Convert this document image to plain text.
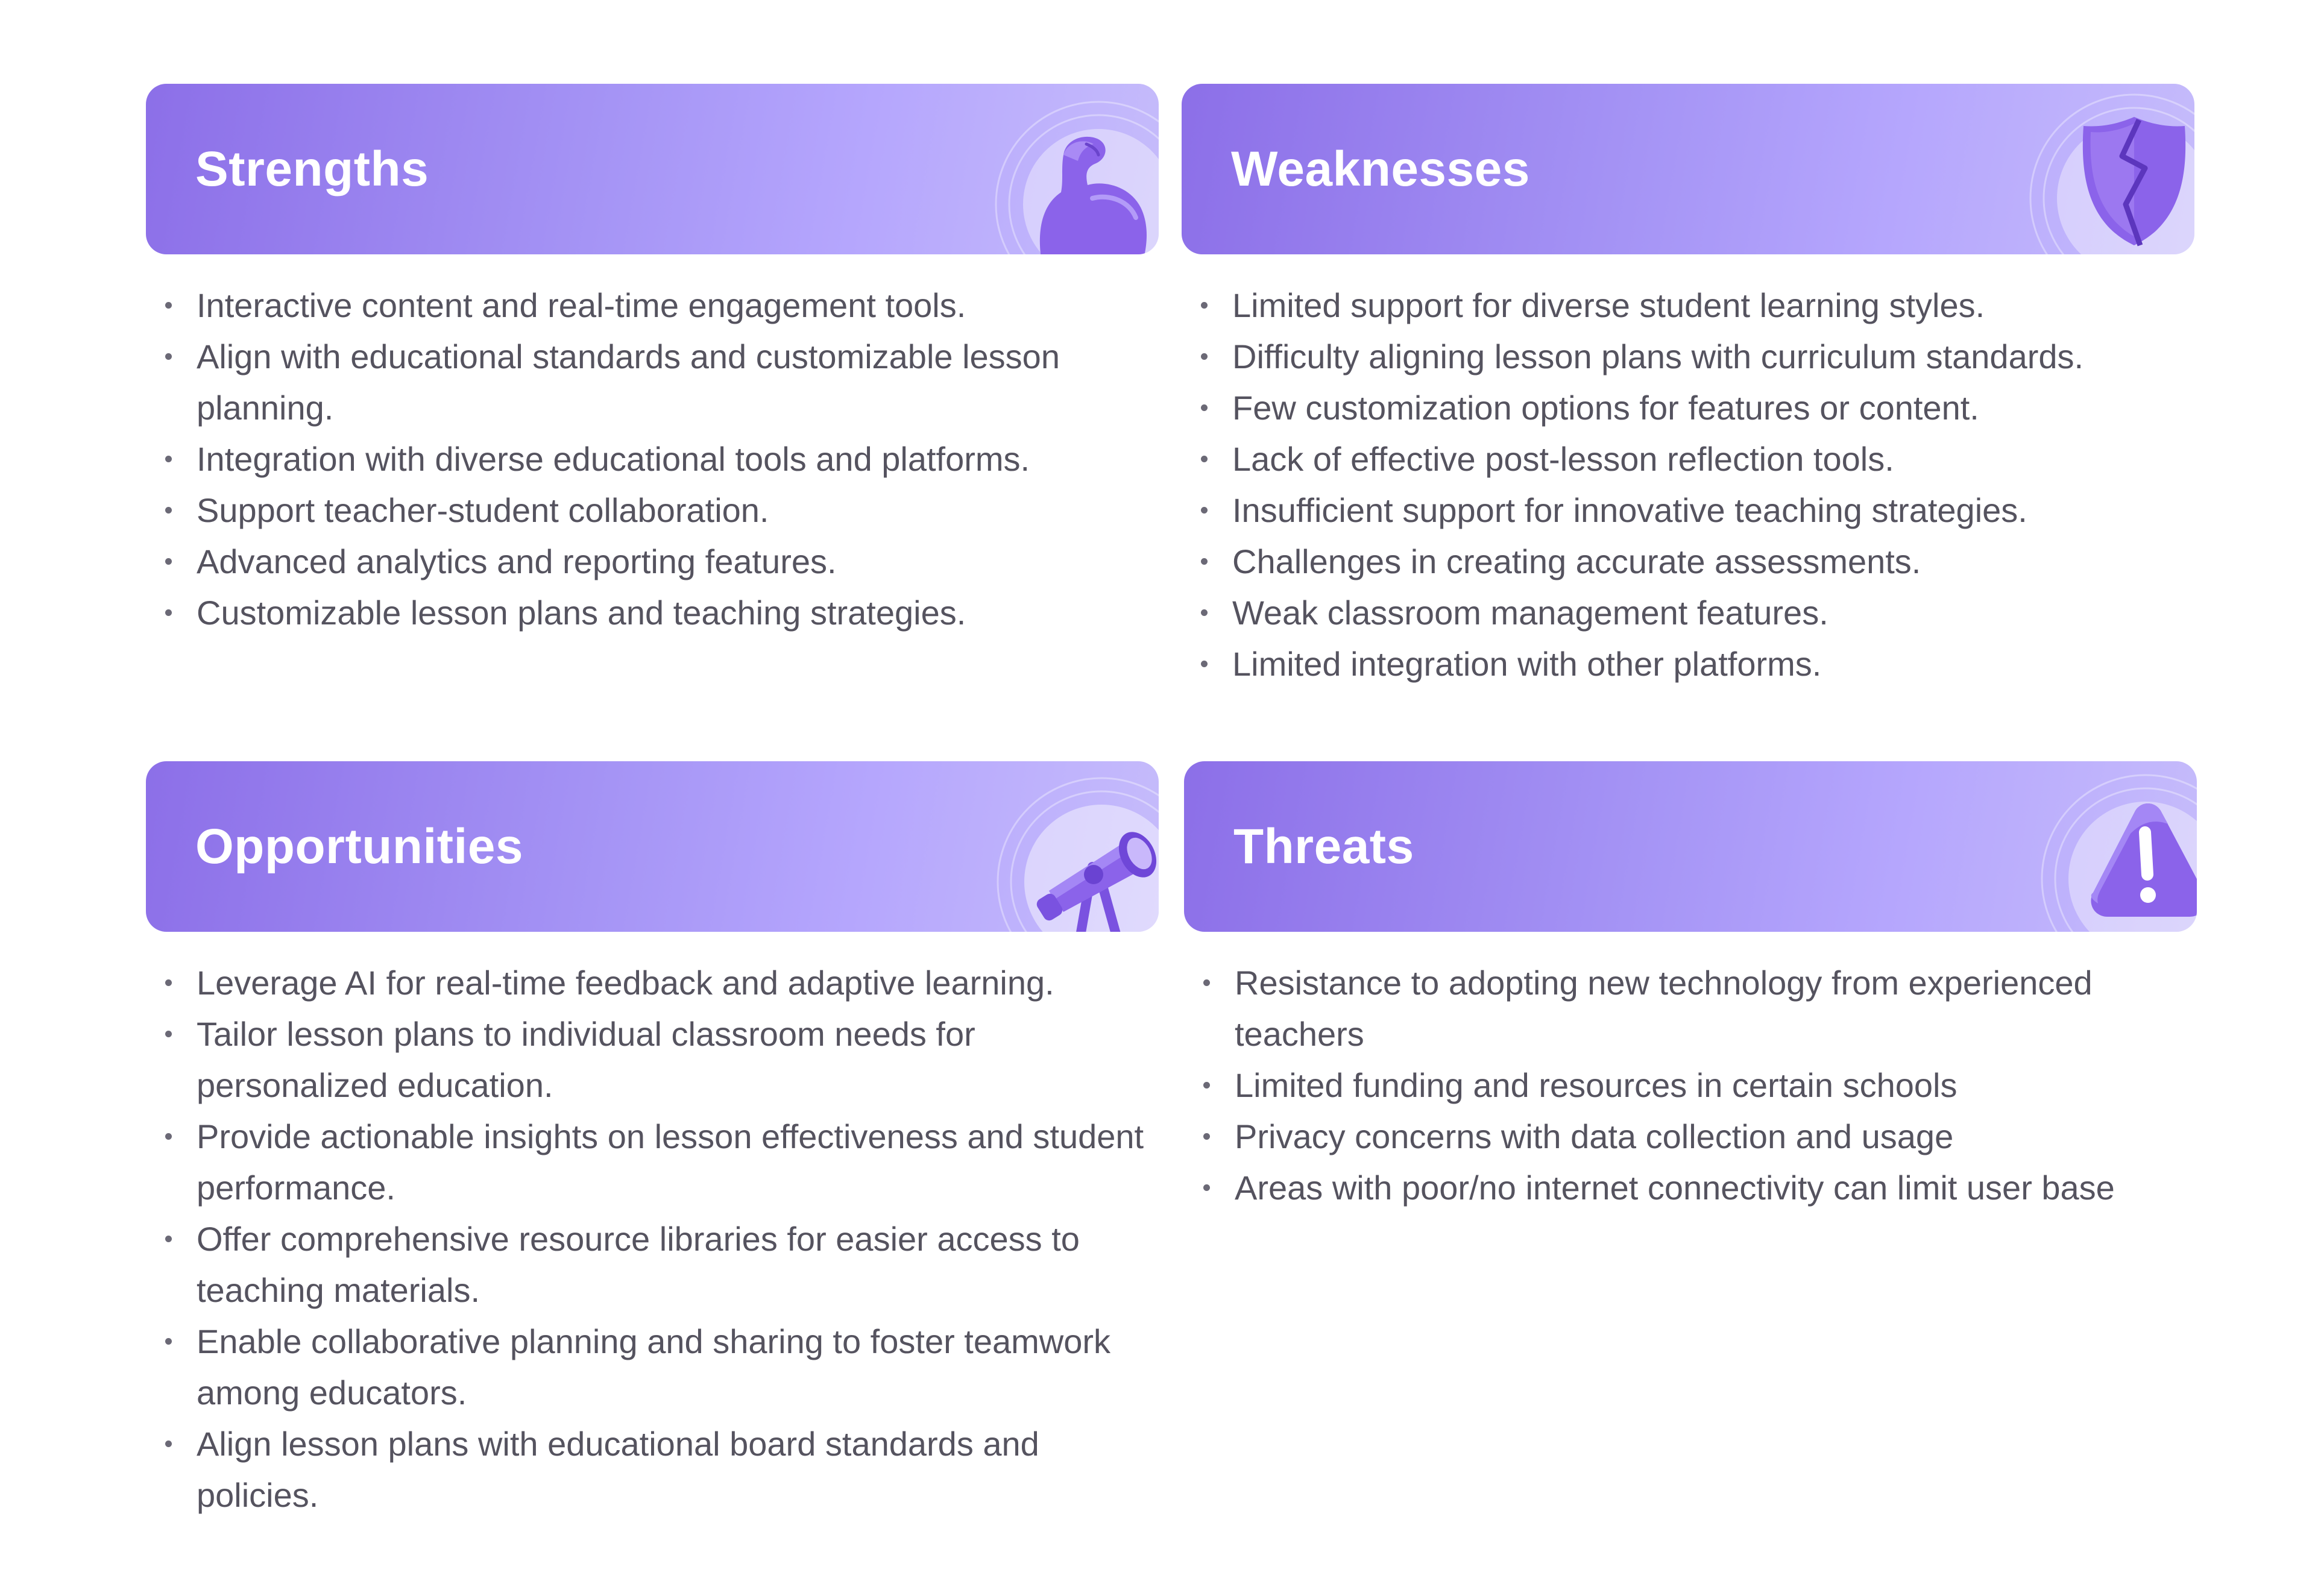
Strengths
Interactive content and real-time engagement tools.
Align with educational standards and customizable lesson planning.
Integration with diverse educational tools and platforms.
Support teacher-student collaboration.
Advanced analytics and reporting features.
Customizable lesson plans and teaching strategies.
Weaknesses
Limited support for diverse student learning styles.
Difficulty aligning lesson plans with curriculum standards.
Few customization options for features or content.
Lack of effective post-lesson reflection tools.
Insufficient support for innovative teaching strategies.
Challenges in creating accurate assessments.
Weak classroom management features.
Limited integration with other platforms.
Opportunities
Leverage AI for real-time feedback and adaptive learning.
Tailor lesson plans to individual classroom needs for personalized education.
Provide actionable insights on lesson effectiveness and student performance.
Offer comprehensive resource libraries for easier access to teaching materials.
Enable collaborative planning and sharing to foster teamwork among educators.
Align lesson plans with educational board standards and policies.
Threats
Resistance to adopting new technology from experienced teachers
Limited funding and resources in certain schools
Privacy concerns with data collection and usage
Areas with poor/no internet connectivity can limit user base
